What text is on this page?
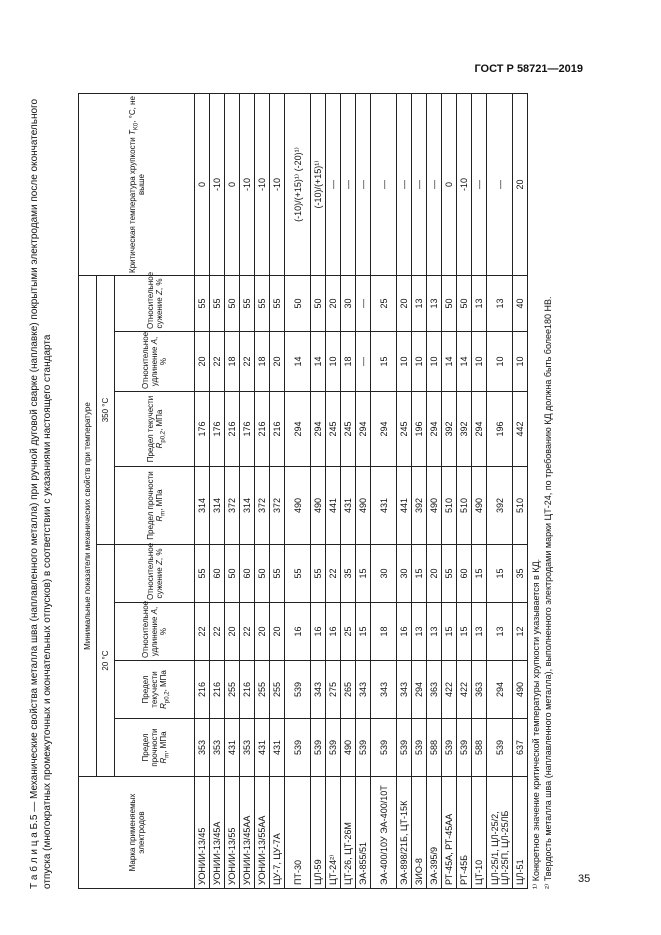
ГОСТ Р 58721—2019
Т а б л и ц а Б.5 — Механические свойства металла шва (наплавленного металла) при ручной дуговой сварке (наплавке) покрытыми электродами после окончательного отпуска (многократных промежуточных и окончательных отпусков) в соответствии с указаниями настоящего стандарта	Марка применяемых электродов	Минимальные показатели механических свойств при температуре								Критическая температура хрупкости $T_{K0}$, °С, не выше
	20 °С				350 °С				
	Предел прочности $R_m$, МПа	Предел текучести $R_{p0,2}$, МПа	Относительное удлинение A, %	Относительное сужение Z, %	Предел прочности $R_m$, МПа	Предел текучести $R_{p0,2}$, МПа	Относительное удлинение A, %	Относительное сужение Z, %	
УОНИИ-13/45	353	216	22	55	314	176	20	55	0
УОНИИ-13/45А	353	216	22	60	314	176	22	55	-10
УОНИИ-13/55	431	255	20	50	372	216	18	50	0
УОНИИ-13/45АА	353	216	22	60	314	176	22	55	-10
УОНИИ-13/55АА	431	255	20	50	372	216	18	55	-10
ЦУ-7, ЦУ-7А	431	255	20	55	372	216	20	55	-10
ПТ-30	539	539	16	55	490	294	14	50	(-10)/(+15)¹⁾ (-20)¹⁾
ЦЛ-59	539	343	16	55	490	294	14	50	(-10)/(+15)¹⁾
ЦТ-24²⁾	539	275	16	22	441	245	10	20	—
ЦТ-26, ЦТ-26М	490	265	25	35	431	245	18	30	—
ЭА-855/51	539	343	15	15	490	294	—	—	—
ЭА-400/10У ЭА-400/10Т	539	343	18	30	431	294	15	25	—
ЭА-898/21Б, ЦТ-15К	539	343	16	30	441	245	10	20	—
ЗИО-8	539	294	13	15	392	196	10	13	—
ЭА-395/9	588	363	13	20	490	294	10	13	—
РТ-45А, РТ-45АА	539	422	15	55	510	392	14	50	0
РТ-45Б	539	422	15	60	510	392	14	50	-10
ЦТ-10	588	363	13	15	490	294	10	13	—
ЦЛ-25/1, ЦЛ-25/2, ЦЛ-25П, ЦЛ-25ЛБ	539	294	13	15	392	196	10	13	—
ЦЛ-51	637	490	12	35	510	442	10	40	20
¹⁾ Конкретное значение критической температуры хрупкости указывается в КД. ²⁾ Твердость металла шва (наплавленного металла), выполненного электродами марки ЦТ-24, по требованию КД должна быть более180 НВ. 35
